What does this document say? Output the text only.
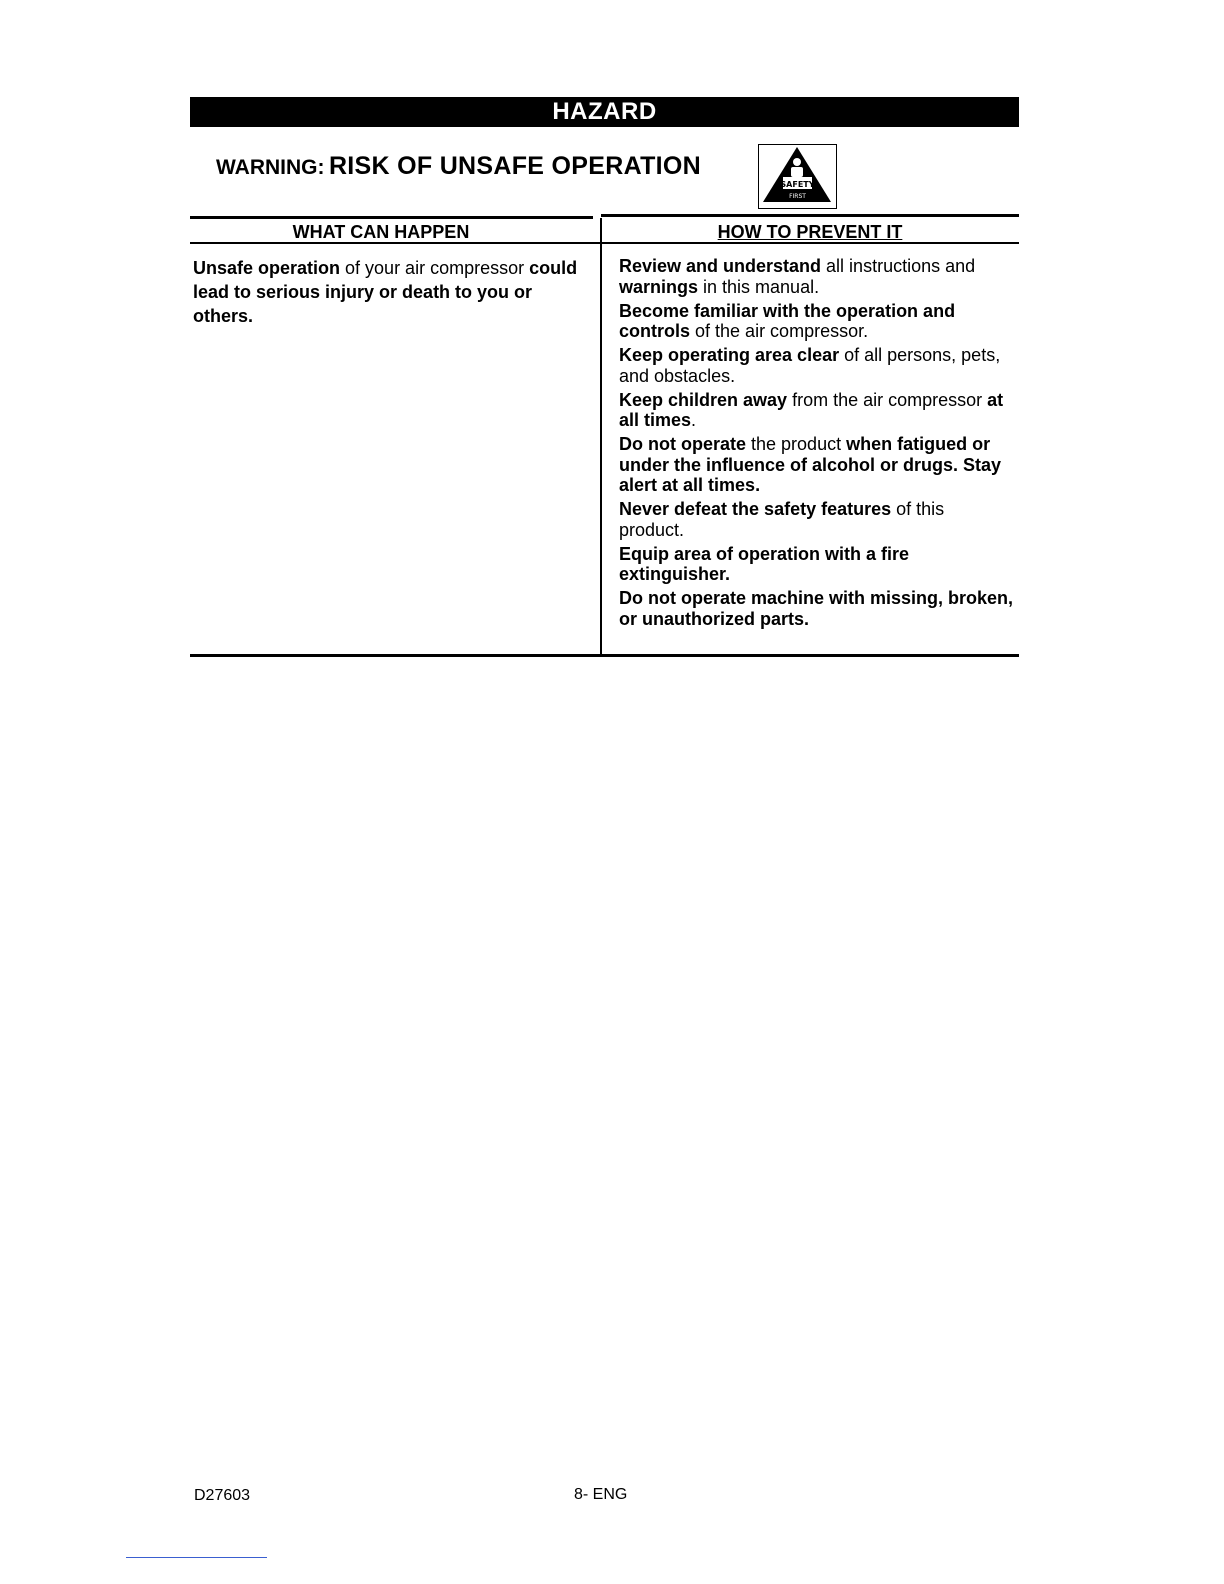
HAZARD
WARNING: RISK OF UNSAFE OPERATION
SAFETY
FIRST
WHAT CAN HAPPEN	HOW TO PREVENT IT
Unsafe operation of your air compressor could lead to serious injury or death to you or others.
Review and understand all instructions and warnings in this manual.
Become familiar with the operation and controls of the air compressor.
Keep operating area clear of all persons, pets, and obstacles.
Keep children away from the air compressor at all times.
Do not operate the product when fatigued or under the influence of alcohol or drugs. Stay alert at all times.
Never defeat the safety features of this product.
Equip area of operation with a fire extinguisher.
Do not operate machine with missing, broken, or unauthorized parts.
D27603	8- ENG
